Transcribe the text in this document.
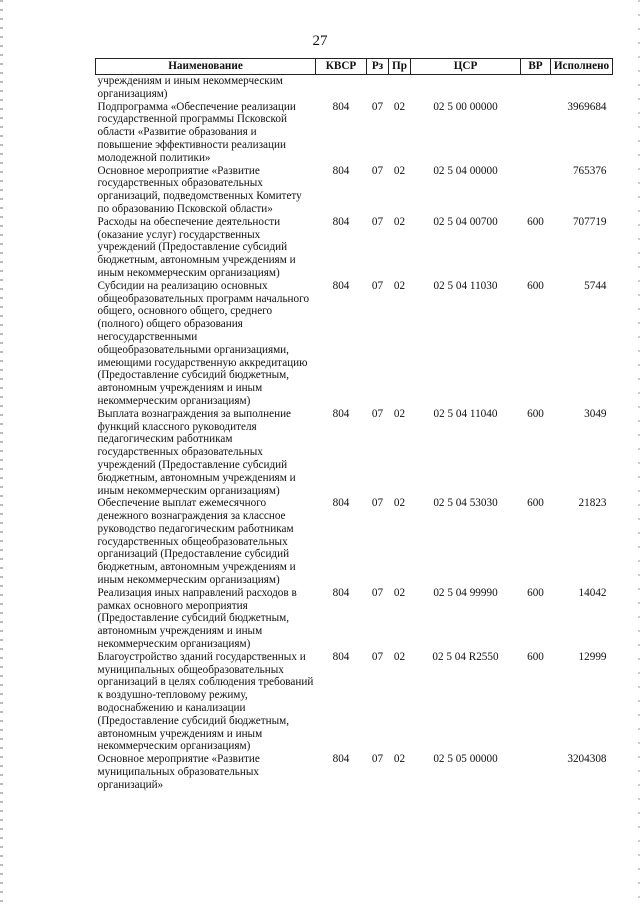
27
Наименование	КВСР	Рз	Пр	ЦСР	ВР	Исполнено
учреждениям и иным некоммерческим организациям)						
Подпрограмма «Обеспечение реализации государственной программы Псковской области «Развитие образования и повышение эффективности реализации молодежной политики»	804	07	02	02 5 00 00000		3969684
Основное мероприятие «Развитие государственных образовательных организаций, подведомственных Комитету по образованию Псковской области»	804	07	02	02 5 04 00000		765376
Расходы на обеспечение деятельности (оказание услуг) государственных учреждений (Предоставление субсидий бюджетным, автономным учреждениям и иным некоммерческим организациям)	804	07	02	02 5 04 00700	600	707719
Субсидии на реализацию основных общеобразовательных программ начального общего, основного общего, среднего (полного) общего образования негосударственными общеобразовательными организациями, имеющими государственную аккредитацию (Предоставление субсидий бюджетным, автономным учреждениям и иным некоммерческим организациям)	804	07	02	02 5 04 11030	600	5744
Выплата вознаграждения за выполнение функций классного руководителя педагогическим работникам государственных образовательных учреждений (Предоставление субсидий бюджетным, автономным учреждениям и иным некоммерческим организациям)	804	07	02	02 5 04 11040	600	3049
Обеспечение выплат ежемесячного денежного вознаграждения за классное руководство педагогическим работникам государственных общеобразовательных организаций (Предоставление субсидий бюджетным, автономным учреждениям и иным некоммерческим организациям)	804	07	02	02 5 04 53030	600	21823
Реализация иных направлений расходов в рамках основного мероприятия (Предоставление субсидий бюджетным, автономным учреждениям и иным некоммерческим организациям)	804	07	02	02 5 04 99990	600	14042
Благоустройство зданий государственных и муниципальных общеобразовательных организаций в целях соблюдения требований к воздушно-тепловому режиму, водоснабжению и канализации (Предоставление субсидий бюджетным, автономным учреждениям и иным некоммерческим организациям)	804	07	02	02 5 04 R2550	600	12999
Основное мероприятие «Развитие муниципальных образовательных организаций»	804	07	02	02 5 05 00000		3204308
